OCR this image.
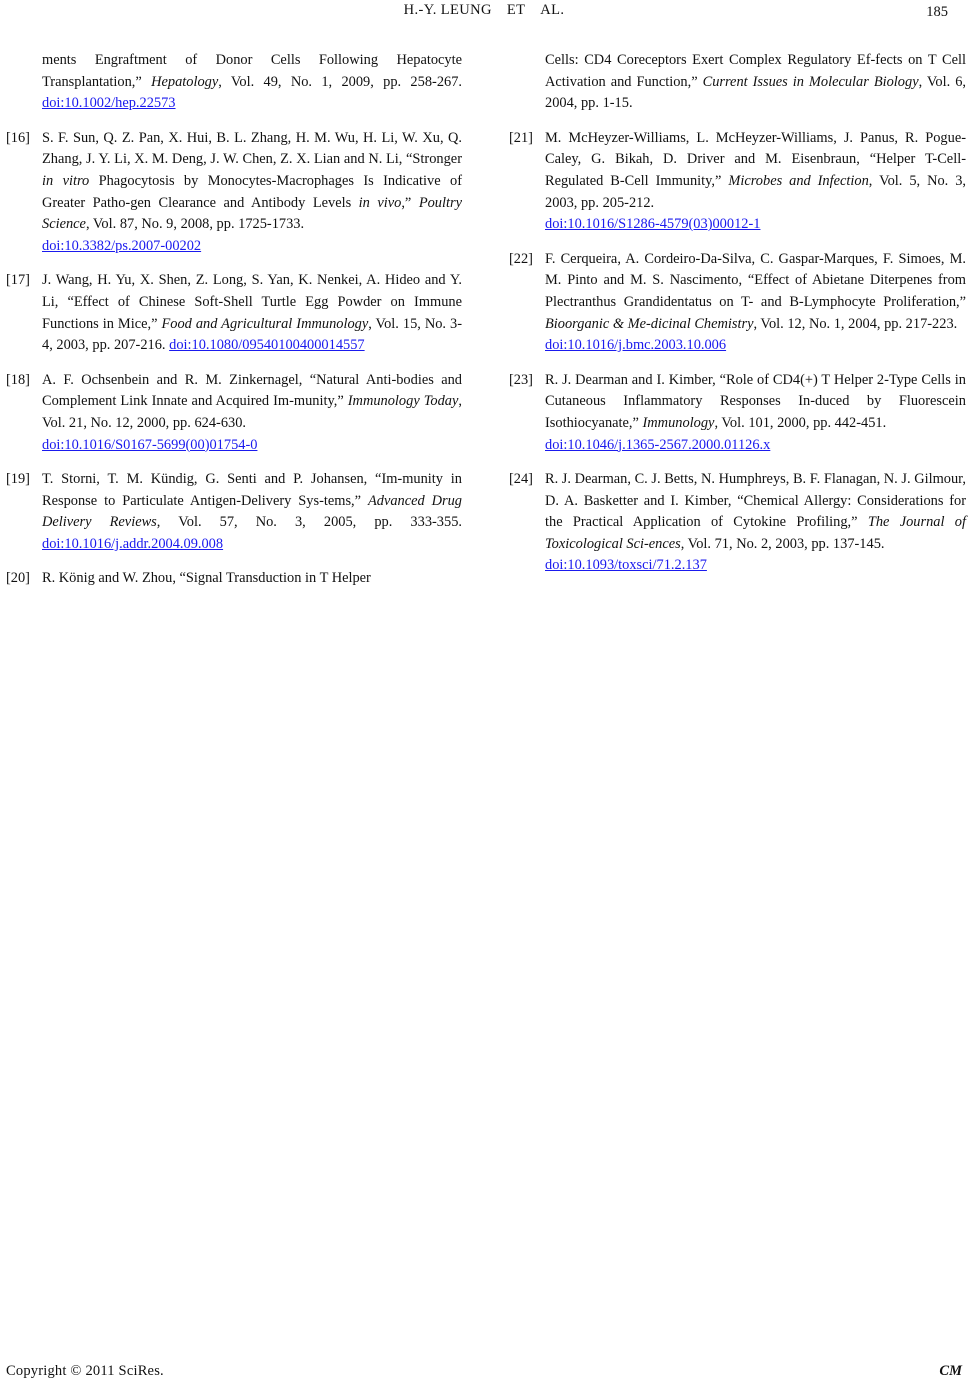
H.-Y. LEUNG ET AL.	185
ments Engraftment of Donor Cells Following Hepatocyte Transplantation,” Hepatology, Vol. 49, No. 1, 2009, pp. 258-267. doi:10.1002/hep.22573
[16] S. F. Sun, Q. Z. Pan, X. Hui, B. L. Zhang, H. M. Wu, H. Li, W. Xu, Q. Zhang, J. Y. Li, X. M. Deng, J. W. Chen, Z. X. Lian and N. Li, “Stronger in vitro Phagocytosis by Monocytes-Macrophages Is Indicative of Greater Patho-gen Clearance and Antibody Levels in vivo,” Poultry Science, Vol. 87, No. 9, 2008, pp. 1725-1733.
doi:10.3382/ps.2007-00202
[17] J. Wang, H. Yu, X. Shen, Z. Long, S. Yan, K. Nenkei, A. Hideo and Y. Li, “Effect of Chinese Soft-Shell Turtle Egg Powder on Immune Functions in Mice,” Food and Agricultural Immunology, Vol. 15, No. 3-4, 2003, pp. 207-216. doi:10.1080/09540100400014557
[18] A. F. Ochsenbein and R. M. Zinkernagel, “Natural Anti-bodies and Complement Link Innate and Acquired Im-munity,” Immunology Today, Vol. 21, No. 12, 2000, pp. 624-630.
doi:10.1016/S0167-5699(00)01754-0
[19] T. Storni, T. M. Kündig, G. Senti and P. Johansen, “Im-munity in Response to Particulate Antigen-Delivery Sys-tems,” Advanced Drug Delivery Reviews, Vol. 57, No. 3, 2005, pp. 333-355. doi:10.1016/j.addr.2004.09.008
[20] R. König and W. Zhou, “Signal Transduction in T Helper
Cells: CD4 Coreceptors Exert Complex Regulatory Ef-fects on T Cell Activation and Function,” Current Issues in Molecular Biology, Vol. 6, 2004, pp. 1-15.
[21] M. McHeyzer-Williams, L. McHeyzer-Williams, J. Panus, R. Pogue-Caley, G. Bikah, D. Driver and M. Eisenbraun, “Helper T-Cell-Regulated B-Cell Immunity,” Microbes and Infection, Vol. 5, No. 3, 2003, pp. 205-212.
doi:10.1016/S1286-4579(03)00012-1
[22] F. Cerqueira, A. Cordeiro-Da-Silva, C. Gaspar-Marques, F. Simoes, M. M. Pinto and M. S. Nascimento, “Effect of Abietane Diterpenes from Plectranthus Grandidentatus on T- and B-Lymphocyte Proliferation,” Bioorganic & Me-dicinal Chemistry, Vol. 12, No. 1, 2004, pp. 217-223.
doi:10.1016/j.bmc.2003.10.006
[23] R. J. Dearman and I. Kimber, “Role of CD4(+) T Helper 2-Type Cells in Cutaneous Inflammatory Responses In-duced by Fluorescein Isothiocyanate,” Immunology, Vol. 101, 2000, pp. 442-451.
doi:10.1046/j.1365-2567.2000.01126.x
[24] R. J. Dearman, C. J. Betts, N. Humphreys, B. F. Flanagan, N. J. Gilmour, D. A. Basketter and I. Kimber, “Chemical Allergy: Considerations for the Practical Application of Cytokine Profiling,” The Journal of Toxicological Sci-ences, Vol. 71, No. 2, 2003, pp. 137-145.
doi:10.1093/toxsci/71.2.137
Copyright © 2011 SciRes.	CM
